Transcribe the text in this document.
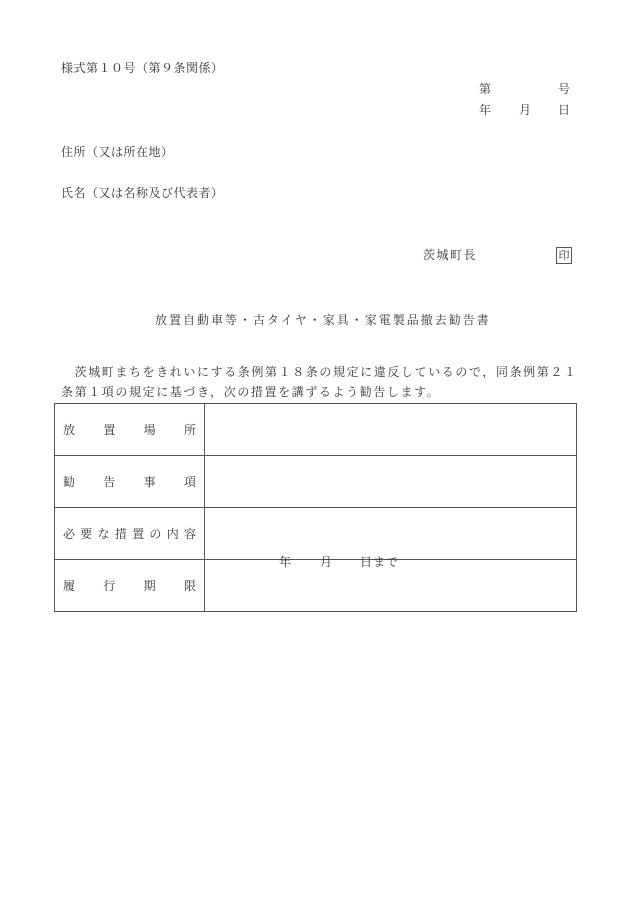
様式第１０号（第９条関係）
第	号
年 月 日
住所（又は所在地）
氏名（又は名称及び代表者）
茨城町長	印
放置自動車等・古タイヤ・家具・家電製品撤去勧告書
　茨城町まちをきれいにする条例第１８条の規定に違反しているので，同条例第２１
条第１項の規定に基づき，次の措置を講ずるよう勧告します。
放 置 場 所	

勧 告 事 項	

必 要 な 措 置 の 内 容

履 行 期 限	年 月 日まで
